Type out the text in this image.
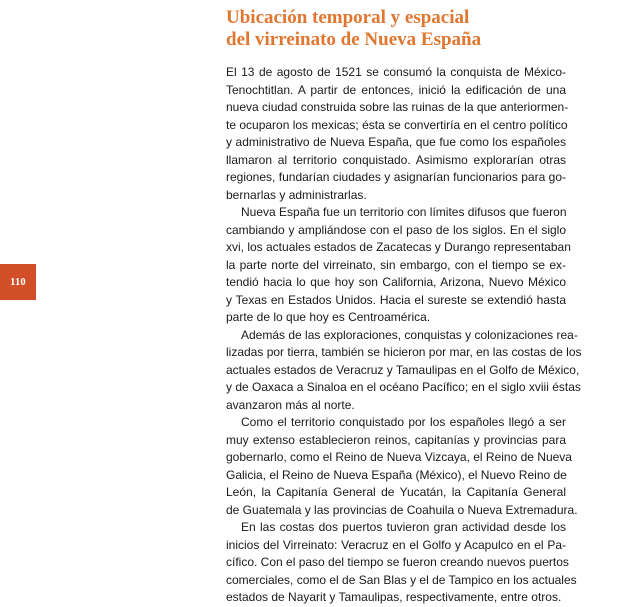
110
Ubicación temporal y espacial
del virreinato de Nueva España
El 13 de agosto de 1521 se consumó la conquista de México-
Tenochtitlan. A partir de entonces, inició la edificación de una
nueva ciudad construida sobre las ruinas de la que anteriormen-
te ocuparon los mexicas; ésta se convertiría en el centro político
y administrativo de Nueva España, que fue como los españoles
llamaron al territorio conquistado. Asimismo explorarían otras
regiones, fundarían ciudades y asignarían funcionarios para go-
bernarlas y administrarlas.
Nueva España fue un territorio con límites difusos que fueron
cambiando y ampliándose con el paso de los siglos. En el siglo
xvi, los actuales estados de Zacatecas y Durango representaban
la parte norte del virreinato, sin embargo, con el tiempo se ex-
tendió hacia lo que hoy son California, Arizona, Nuevo México
y Texas en Estados Unidos. Hacia el sureste se extendió hasta
parte de lo que hoy es Centroamérica.
Además de las exploraciones, conquistas y colonizaciones rea-
lizadas por tierra, también se hicieron por mar, en las costas de los
actuales estados de Veracruz y Tamaulipas en el Golfo de México,
y de Oaxaca a Sinaloa en el océano Pacífico; en el siglo xviii éstas
avanzaron más al norte.
Como el territorio conquistado por los españoles llegó a ser
muy extenso establecieron reinos, capitanías y provincias para
gobernarlo, como el Reino de Nueva Vizcaya, el Reino de Nueva
Galicia, el Reino de Nueva España (México), el Nuevo Reino de
León, la Capitanía General de Yucatán, la Capitanía General
de Guatemala y las provincias de Coahuila o Nueva Extremadura.
En las costas dos puertos tuvieron gran actividad desde los
inicios del Virreinato: Veracruz en el Golfo y Acapulco en el Pa-
cífico. Con el paso del tiempo se fueron creando nuevos puertos
comerciales, como el de San Blas y el de Tampico en los actuales
estados de Nayarit y Tamaulipas, respectivamente, entre otros.
